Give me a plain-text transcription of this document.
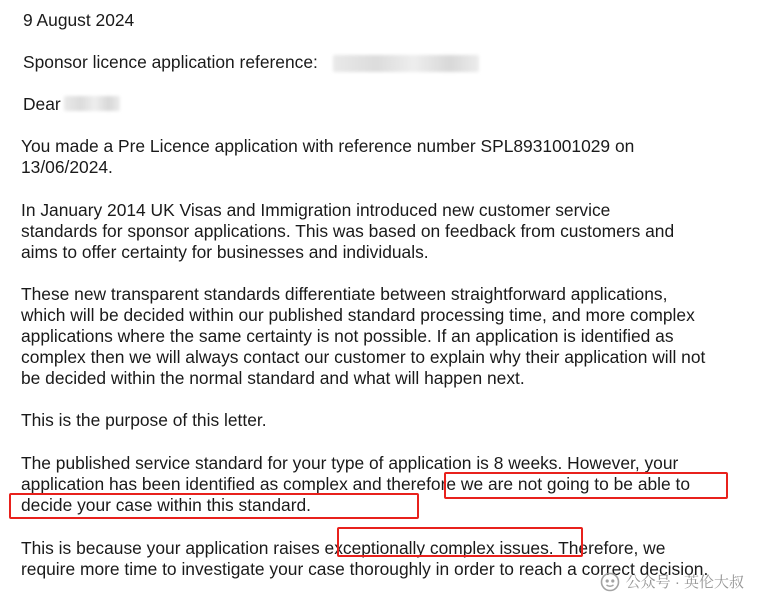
9 August 2024
Sponsor licence application reference:
Dear

You made a Pre Licence application with reference number SPL8931001029 on 13/06/2024.

In January 2014 UK Visas and Immigration introduced new customer service standards for sponsor applications. This was based on feedback from customers and aims to offer certainty for businesses and individuals.

These new transparent standards differentiate between straightforward applications, which will be decided within our published standard processing time, and more complex applications where the same certainty is not possible. If an application is identified as complex then we will always contact our customer to explain why their application will not be decided within the normal standard and what will happen next.

This is the purpose of this letter.

The published service standard for your type of application is 8 weeks. However, your application has been identified as complex and therefore we are not going to be able to decide your case within this standard.

This is because your application raises exceptionally complex issues. Therefore, we require more time to investigate your case thoroughly in order to reach a correct decision.

公众号 · 英伦大叔
